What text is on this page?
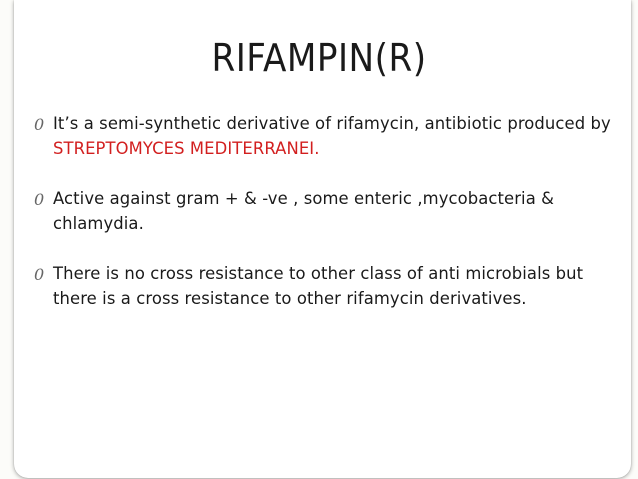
RIFAMPIN(R)
0 It’s a semi-synthetic derivative of rifamycin, antibiotic produced by STREPTOMYCES MEDITERRANEI.
0 Active against gram + & -ve , some enteric ,mycobacteria & chlamydia.
0 There is no cross resistance to other class of anti microbials but there is a cross resistance to other rifamycin derivatives.
